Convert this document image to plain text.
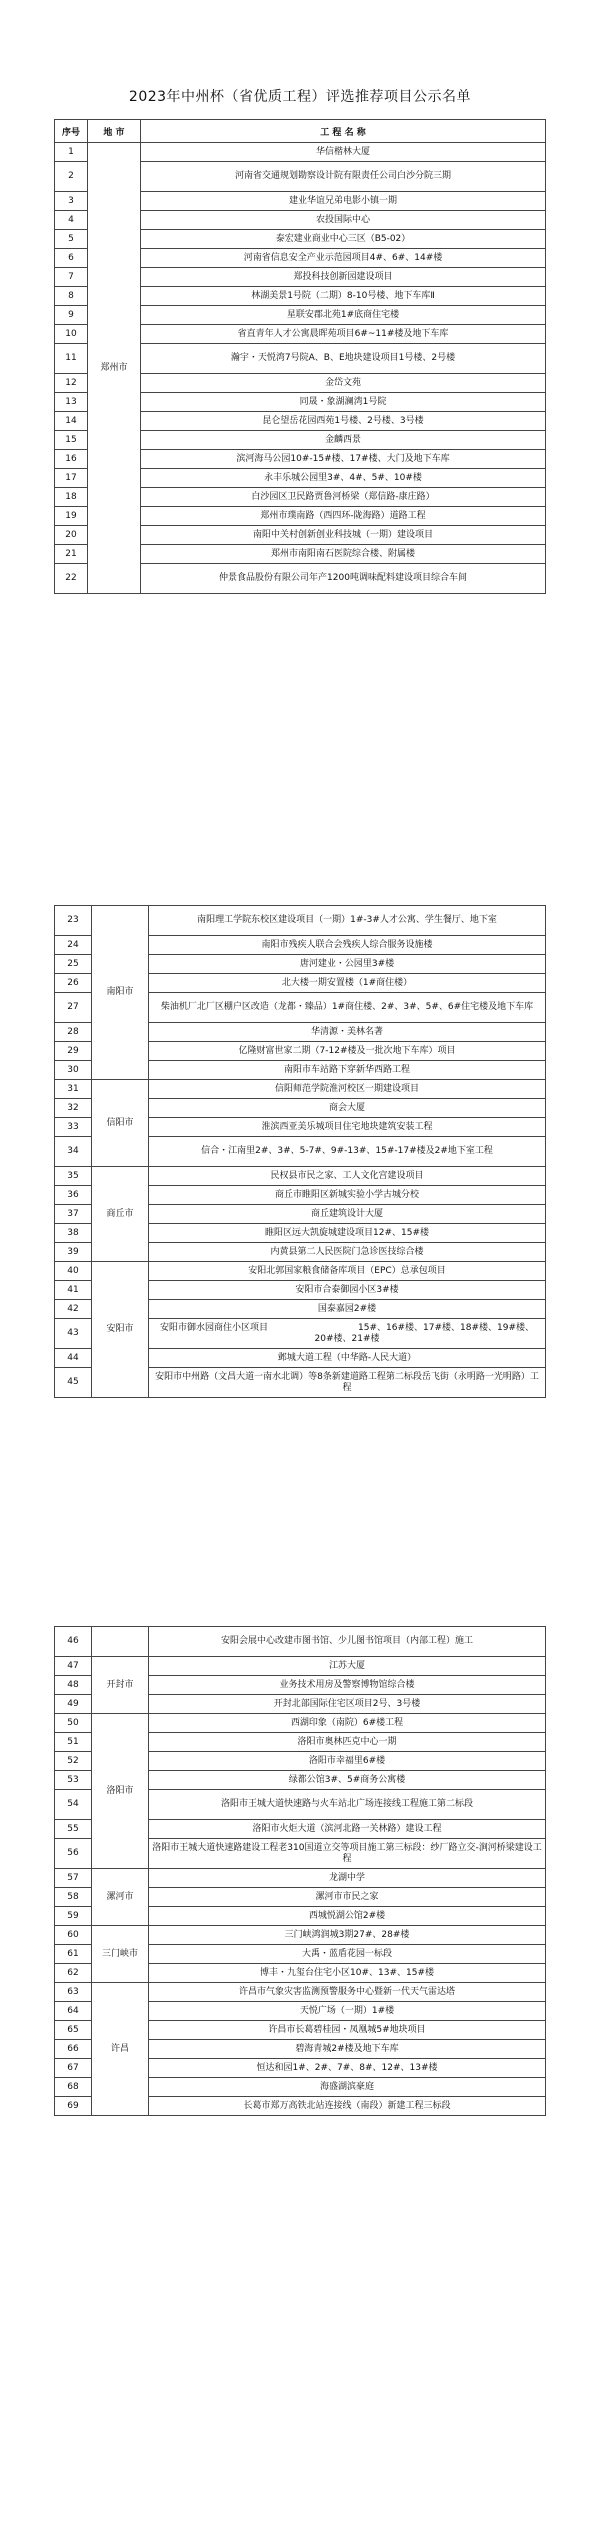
2023年中州杯（省优质工程）评选推荐项目公示名单
序号	地 市	工 程 名 称
1	郑州市	华信楷林大厦
2		河南省交通规划勘察设计院有限责任公司白沙分院三期
3		建业华谊兄弟电影小镇一期
4		农投国际中心
5		泰宏建业商业中心三区（B5-02）
6		河南省信息安全产业示范园项目4#、6#、14#楼
7		郑投科技创新园建设项目
8		林湖美景1号院（二期）8-10号楼、地下车库Ⅱ
9		星联安郡北苑1#底商住宅楼
10		省直青年人才公寓晨晖苑项目6#~11#楼及地下车库
11		瀚宇・天悦湾7号院A、B、E地块建设项目1号楼、2号楼
12		金岱文苑
13		同晟・象湖澜湾1号院
14		昆仑望岳花园西苑1号楼、2号楼、3号楼
15		金麟西景
16		滨河海马公园10#-15#楼、17#楼、大门及地下车库
17		永丰乐城公园里3#、4#、5#、10#楼
18		白沙园区卫民路贾鲁河桥梁（郑信路-康庄路）
19		郑州市璞南路（西四环-陇海路）道路工程
20		南阳中关村创新创业科技城（一期）建设项目
21		郑州市南阳南石医院综合楼、附属楼
22		仲景食品股份有限公司年产1200吨调味配料建设项目综合车间
23	南阳市	南阳理工学院东校区建设项目（一期）1#-3#人才公寓、学生餐厅、地下室
24		南阳市残疾人联合会残疾人综合服务设施楼
25		唐河建业・公园里3#楼
26		北大楼一期安置楼（1#商住楼）
27		柴油机厂北厂区棚户区改造（龙都・臻品）1#商住楼、2#、3#、5#、6#住宅楼及地下车库
28		华清源・美林名著
29		亿隆财富世家二期（7-12#楼及一批次地下车库）项目
30		南阳市车站路下穿新华西路工程
31	信阳市	信阳师范学院淮河校区一期建设项目
32		商会大厦
33		淮滨西亚美乐城项目住宅地块建筑安装工程
34		信合・江南里2#、3#、5-7#、9#-13#、15#-17#楼及2#地下室工程
35	商丘市	民权县市民之家、工人文化宫建设项目
36		商丘市睢阳区新城实验小学古城分校
37		商丘建筑设计大厦
38		睢阳区远大凯旋城建设项目12#、15#楼
39		内黄县第二人民医院门急诊医技综合楼
40	安阳市	安阳北郭国家粮食储备库项目（EPC）总承包项目
41		安阳市合泰御园小区3#楼
42		国泰嘉园2#楼
43		安阳市御水园商住小区项目　　　　　　　　　　15#、16#楼、17#楼、18#楼、19#楼、20#楼、21#楼
44		邺城大道工程（中华路-人民大道）
45		安阳市中州路（文昌大道一南水北调）等8条新建道路工程第二标段岳飞街（永明路一光明路）工程
46		安阳会展中心改建市图书馆、少儿图书馆项目（内部工程）施工
47	开封市	江苏大厦
48		业务技术用房及警察博物馆综合楼
49		开封北部国际住宅区项目2号、3号楼
50	洛阳市	西湖印象（南院）6#楼工程
51		洛阳市奥林匹克中心一期
52		洛阳市幸福里6#楼
53		绿都公馆3#、5#商务公寓楼
54		洛阳市王城大道快速路与火车站北广场连接线工程施工第二标段
55		洛阳市火炬大道（滨河北路一关林路）建设工程
56		洛阳市王城大道快速路建设工程老310国道立交等项目施工第三标段：纱厂路立交-涧河桥梁建设工程
57	漯河市	龙湖中学
58		漯河市市民之家
59		西城悦湖公馆2#楼
60	三门峡市	三门峡鸿润城3期27#、28#楼
61		大禹・蓝盾花园一标段
62		博丰・九玺台住宅小区10#、13#、15#楼
63	许昌	许昌市气象灾害监测预警服务中心暨新一代天气雷达塔
64		天悦广场（一期）1#楼
65		许昌市长葛碧桂园・凤凰城5#地块项目
66		碧海青城2#楼及地下车库
67		恒达和园1#、2#、7#、8#、12#、13#楼
68		海盛湖滨豪庭
69		长葛市郑万高铁北站连接线（南段）新建工程三标段
